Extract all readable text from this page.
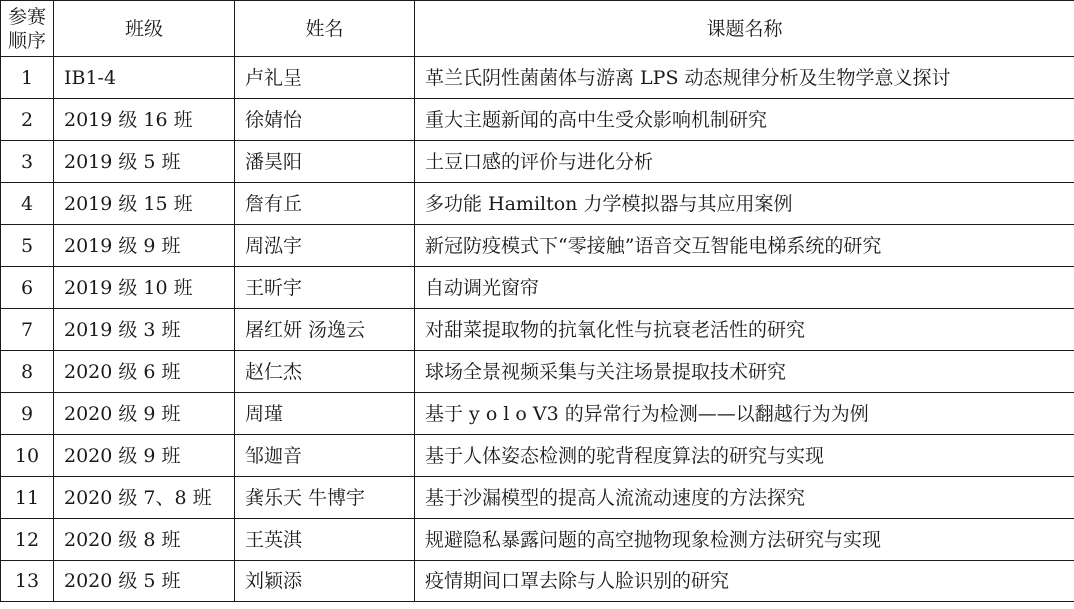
参赛顺序	班级	姓名	课题名称
1	IB1-4	卢礼呈	革兰氏阴性菌菌体与游离 LPS 动态规律分析及生物学意义探讨
2	2019 级 16 班	徐婧怡	重大主题新闻的高中生受众影响机制研究
3	2019 级 5 班	潘昊阳	土豆口感的评价与进化分析
4	2019 级 15 班	詹有丘	多功能 Hamilton 力学模拟器与其应用案例
5	2019 级 9 班	周泓宇	新冠防疫模式下“零接触”语音交互智能电梯系统的研究
6	2019 级 10 班	王昕宇	自动调光窗帘
7	2019 级 3 班	屠红妍 汤逸云	对甜菜提取物的抗氧化性与抗衰老活性的研究
8	2020 级 6 班	赵仁杰	球场全景视频采集与关注场景提取技术研究
9	2020 级 9 班	周瑾	基于 y o l o V3 的异常行为检测——以翻越行为为例
10	2020 级 9 班	邹迦音	基于人体姿态检测的驼背程度算法的研究与实现
11	2020 级 7、8 班	龚乐天 牛博宇	基于沙漏模型的提高人流流动速度的方法探究
12	2020 级 8 班	王英淇	规避隐私暴露问题的高空抛物现象检测方法研究与实现
13	2020 级 5 班	刘颖添	疫情期间口罩去除与人脸识别的研究
